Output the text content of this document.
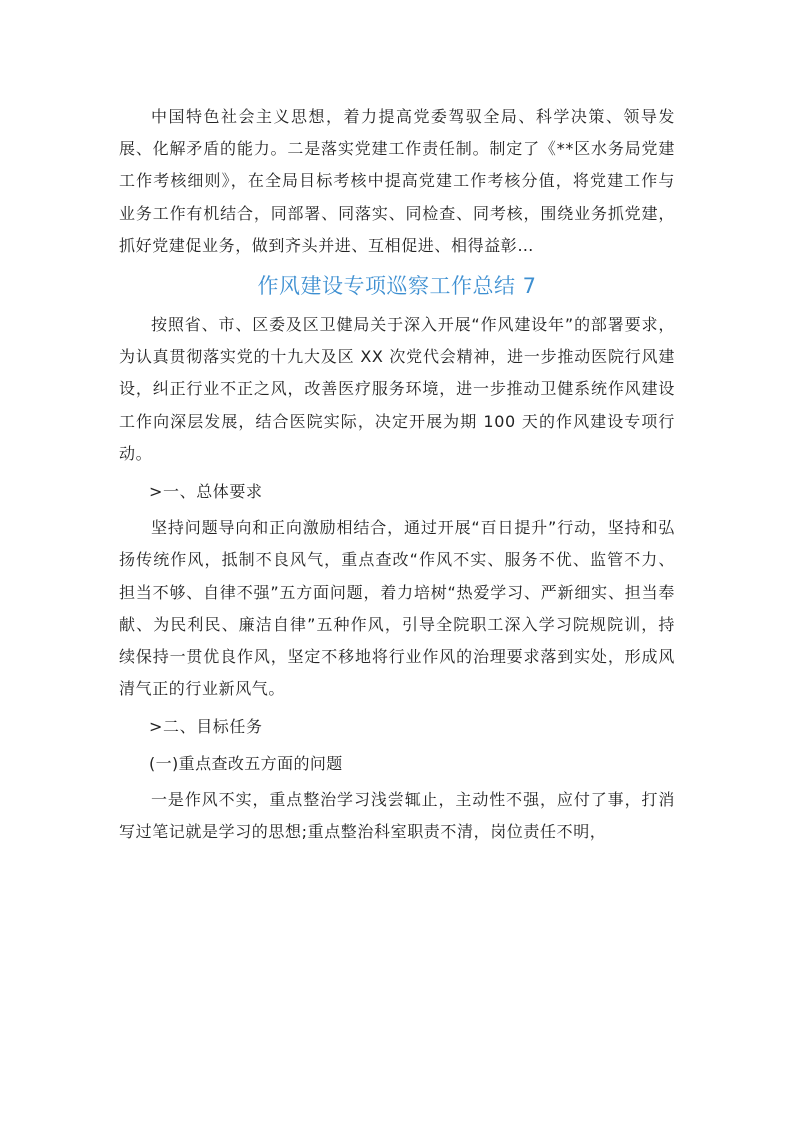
中国特色社会主义思想，着力提高党委驾驭全局、科学决策、领导发展、化解矛盾的能力。二是落实党建工作责任制。制定了《**区水务局党建工作考核细则》，在全局目标考核中提高党建工作考核分值，将党建工作与业务工作有机结合，同部署、同落实、同检查、同考核，围绕业务抓党建，抓好党建促业务，做到齐头并进、互相促进、相得益彰…

作风建设专项巡察工作总结 7

按照省、市、区委及区卫健局关于深入开展“作风建设年”的部署要求，为认真贯彻落实党的十九大及区 XX 次党代会精神，进一步推动医院行风建设，纠正行业不正之风，改善医疗服务环境，进一步推动卫健系统作风建设工作向深层发展，结合医院实际，决定开展为期 100 天的作风建设专项行动。

>一、总体要求

坚持问题导向和正向激励相结合，通过开展“百日提升”行动，坚持和弘扬传统作风，抵制不良风气，重点查改“作风不实、服务不优、监管不力、担当不够、自律不强”五方面问题，着力培树“热爱学习、严新细实、担当奉献、为民利民、廉洁自律”五种作风，引导全院职工深入学习院规院训，持续保持一贯优良作风，坚定不移地将行业作风的治理要求落到实处，形成风清气正的行业新风气。

>二、目标任务
(一)重点查改五方面的问题

一是作风不实，重点整治学习浅尝辄止，主动性不强，应付了事，打消写过笔记就是学习的思想;重点整治科室职责不清，岗位责任不明，
